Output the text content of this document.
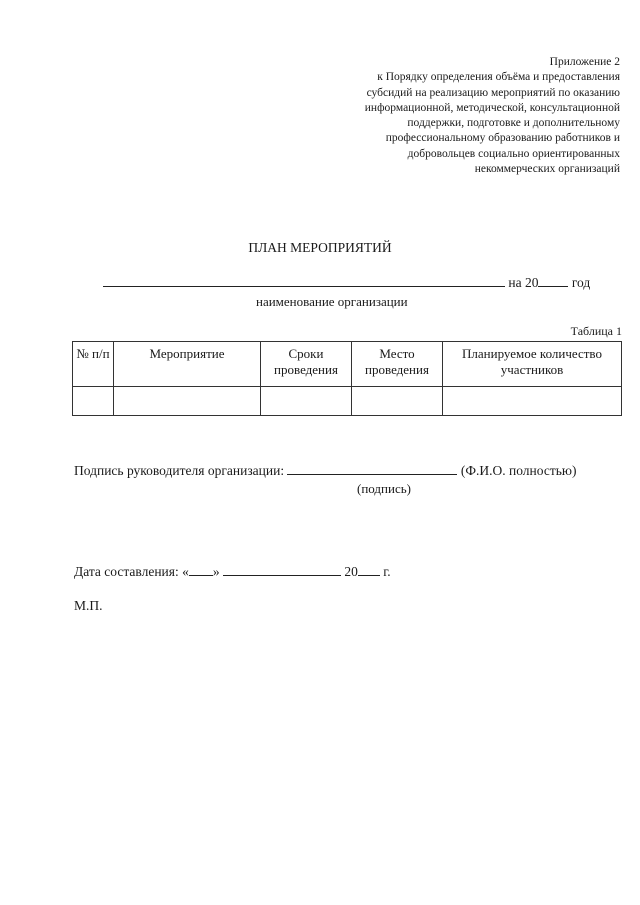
Приложение 2
к Порядку определения объёма и предоставления
субсидий на реализацию мероприятий по оказанию
информационной, методической, консультационной
поддержки, подготовке и дополнительному
профессиональному образованию работников и
добровольцев социально ориентированных
некоммерческих организаций
ПЛАН МЕРОПРИЯТИЙ
на 20 год
наименование организации
Таблица 1
№ п/п	Мероприятие	Сроки проведения	Место проведения	Планируемое количество участников

Подпись руководителя организации:	(Ф.И.О. полностью)
(подпись)
Дата составления: « »	20 г.
М.П.
